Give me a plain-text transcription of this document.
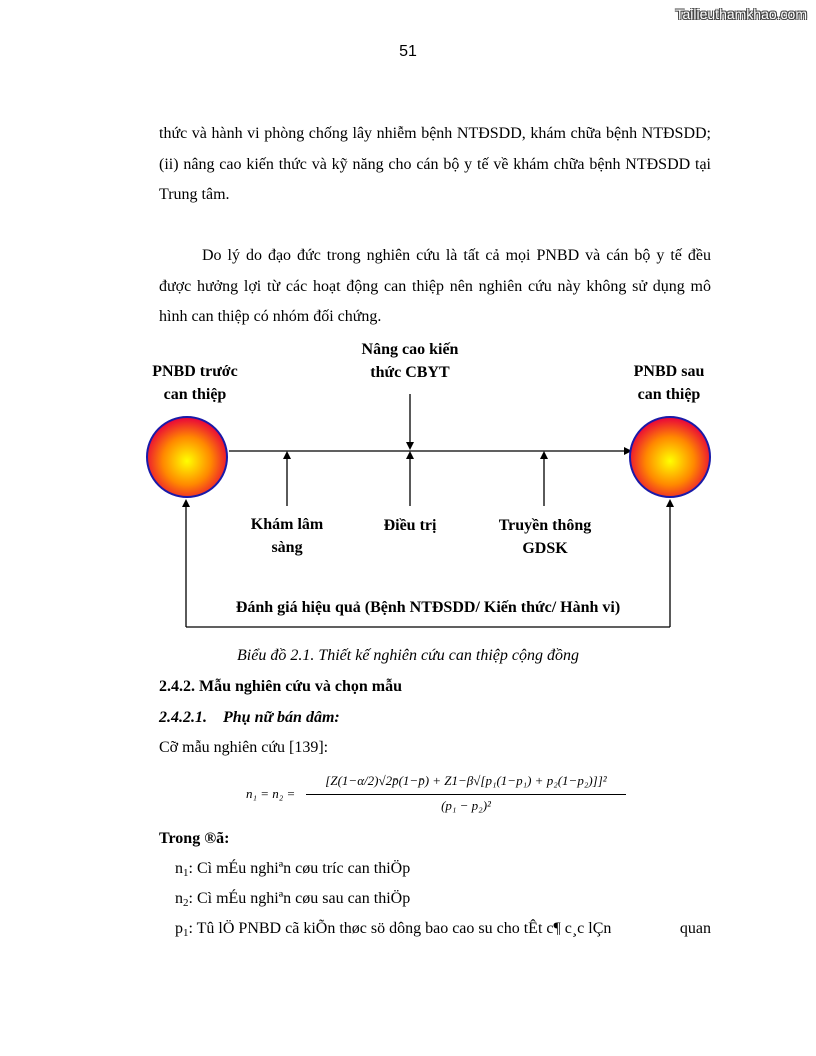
Tailieuthamkhao.com
51
thức và hành vi phòng chống lây nhiễm bệnh NTĐSDD, khám chữa bệnh NTĐSDD; (ii) nâng cao kiến thức và kỹ năng cho cán bộ y tế về khám chữa bệnh NTĐSDD tại Trung tâm.
Do lý do đạo đức trong nghiên cứu là tất cả mọi PNBD và cán bộ y tế đều được hưởng lợi từ các hoạt động can thiệp nên nghiên cứu này không sử dụng mô hình can thiệp có nhóm đối chứng.
PNBD trước
can thiệp
PNBD sau
can thiệp
Nâng cao kiến
thức CBYT
Khám lâm
sàng
Điều trị	Truyền thông
GDSK
Đánh giá hiệu quả (Bệnh NTĐSDD/ Kiến thức/ Hành vi)
Biểu đồ 2.1. Thiết kế nghiên cứu can thiệp cộng đồng
2.4.2. Mẫu nghiên cứu và chọn mẫu
2.4.2.1.    Phụ nữ bán dâm:
Cỡ mẫu nghiên cứu [139]:
n₁ = n₂ =
[Z(1−α/2)√2p̄(1−p̄) + Z1−β√[p₁(1−p₁) + p₂(1−p₂)]]²
(p₁ − p₂)²
Trong ®ã:
$n_1$: Cì mÉu nghiªn cøu tríc can thiÖp
$n_2$: Cì mÉu nghiªn cøu sau can thiÖp
$p_1$: Tû lÖ PNBD cã kiÕn thøc sö dông bao cao su cho tÊt c¶ c¸c lÇn	quan
